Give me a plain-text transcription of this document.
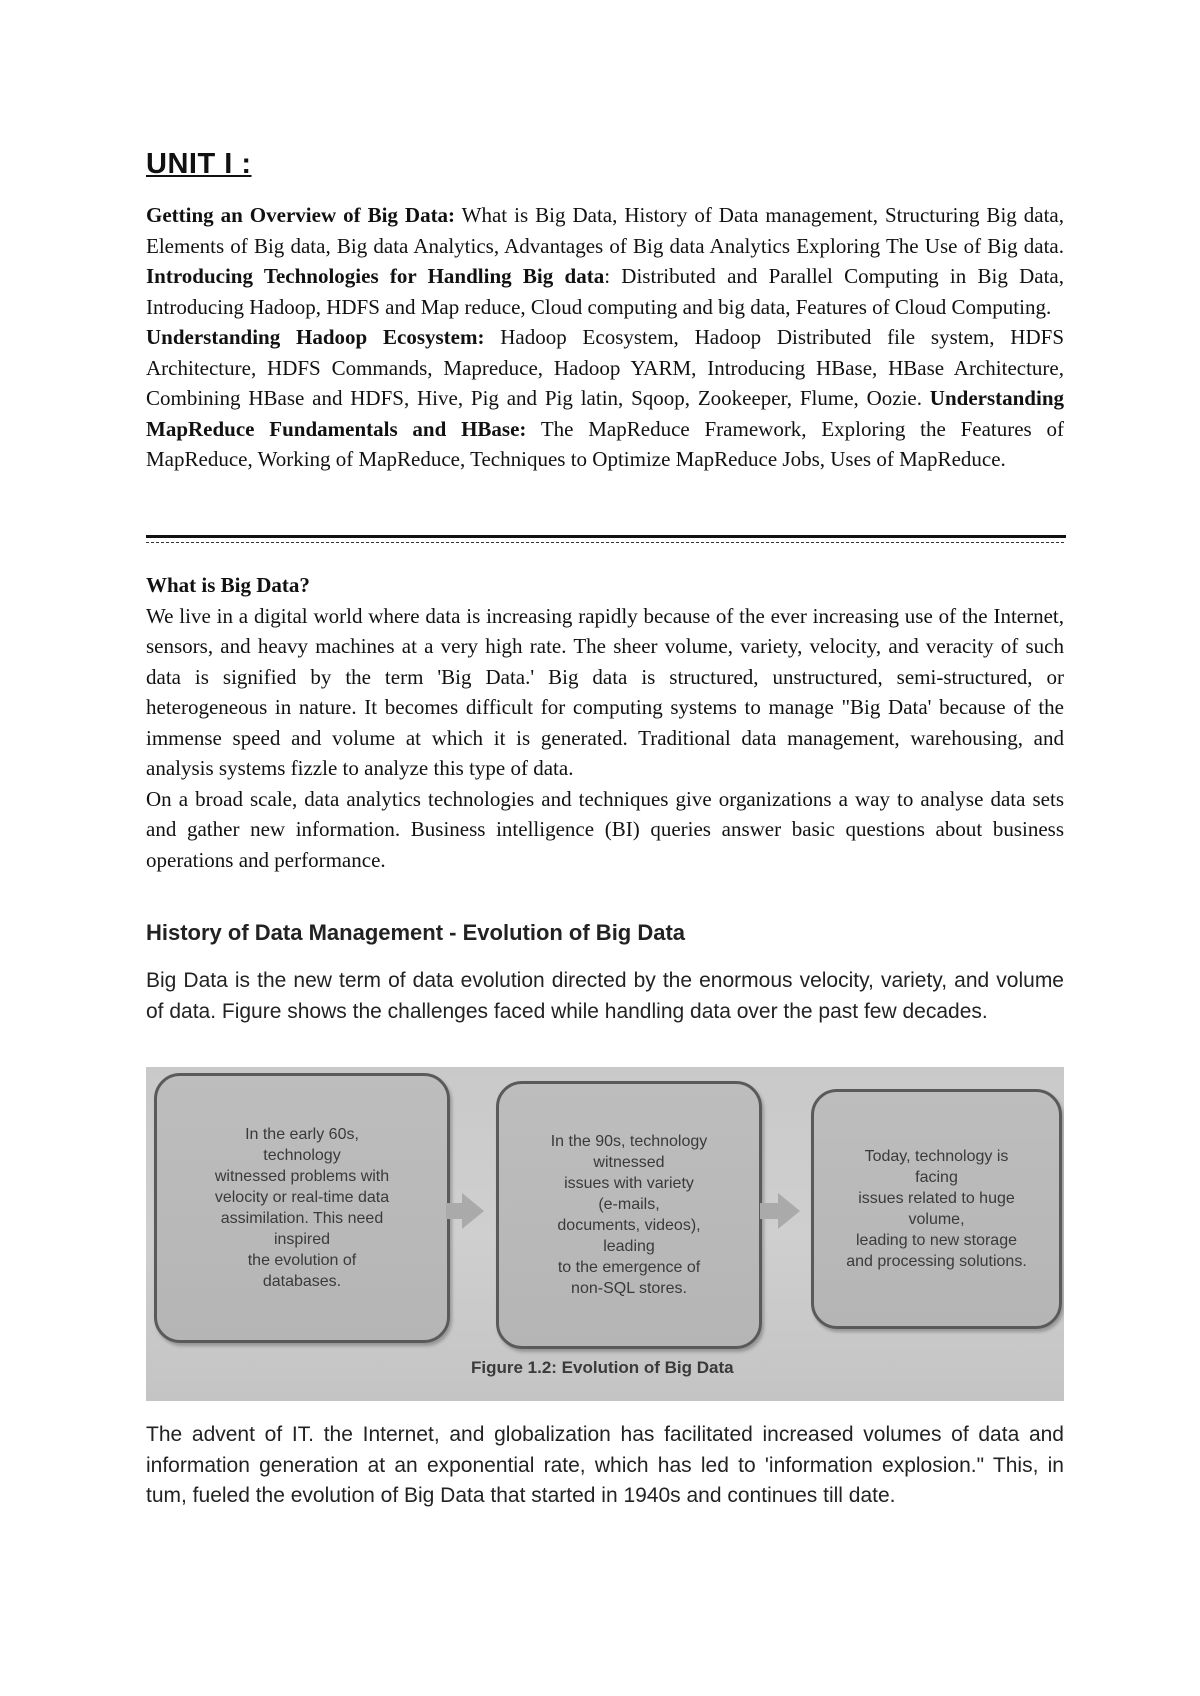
UNIT I :

Getting an Overview of Big Data: What is Big Data, History of Data management, Structuring Big data, Elements of Big data, Big data Analytics, Advantages of Big data Analytics Exploring The Use of Big data. Introducing Technologies for Handling Big data: Distributed and Parallel Computing in Big Data, Introducing Hadoop, HDFS and Map reduce, Cloud computing and big data, Features of Cloud Computing.

Understanding Hadoop Ecosystem: Hadoop Ecosystem, Hadoop Distributed file system, HDFS Architecture, HDFS Commands, Mapreduce, Hadoop YARM, Introducing HBase, HBase Architecture, Combining HBase and HDFS, Hive, Pig and Pig latin, Sqoop, Zookeeper, Flume, Oozie. Understanding MapReduce Fundamentals and HBase: The MapReduce Framework, Exploring the Features of MapReduce, Working of MapReduce, Techniques to Optimize MapReduce Jobs, Uses of MapReduce.

What is Big Data?

We live in a digital world where data is increasing rapidly because of the ever increasing use of the Internet, sensors, and heavy machines at a very high rate. The sheer volume, variety, velocity, and veracity of such data is signified by the term 'Big Data.' Big data is structured, unstructured, semi-structured, or heterogeneous in nature. It becomes difficult for computing systems to manage "Big Data' because of the immense speed and volume at which it is generated. Traditional data management, warehousing, and analysis systems fizzle to analyze this type of data.

On a broad scale, data analytics technologies and techniques give organizations a way to analyse data sets and gather new information. Business intelligence (BI) queries answer basic questions about business operations and performance.

History of Data Management - Evolution of Big Data

Big Data is the new term of data evolution directed by the enormous velocity, variety, and volume of data. Figure shows the challenges faced while handling data over the past few decades.

In the early 60s,
technology
witnessed problems with
velocity or real-time data
assimilation. This need
inspired
the evolution of
databases.
In the 90s, technology
witnessed
issues with variety
(e-mails,
documents, videos),
leading
to the emergence of
non-SQL stores.
Today, technology is
facing
issues related to huge
volume,
leading to new storage
and processing solutions.
Figure 1.2: Evolution of Big Data

The advent of IT. the Internet, and globalization has facilitated increased volumes of data and information generation at an exponential rate, which has led to 'information explosion." This, in tum, fueled the evolution of Big Data that started in 1940s and continues till date.
